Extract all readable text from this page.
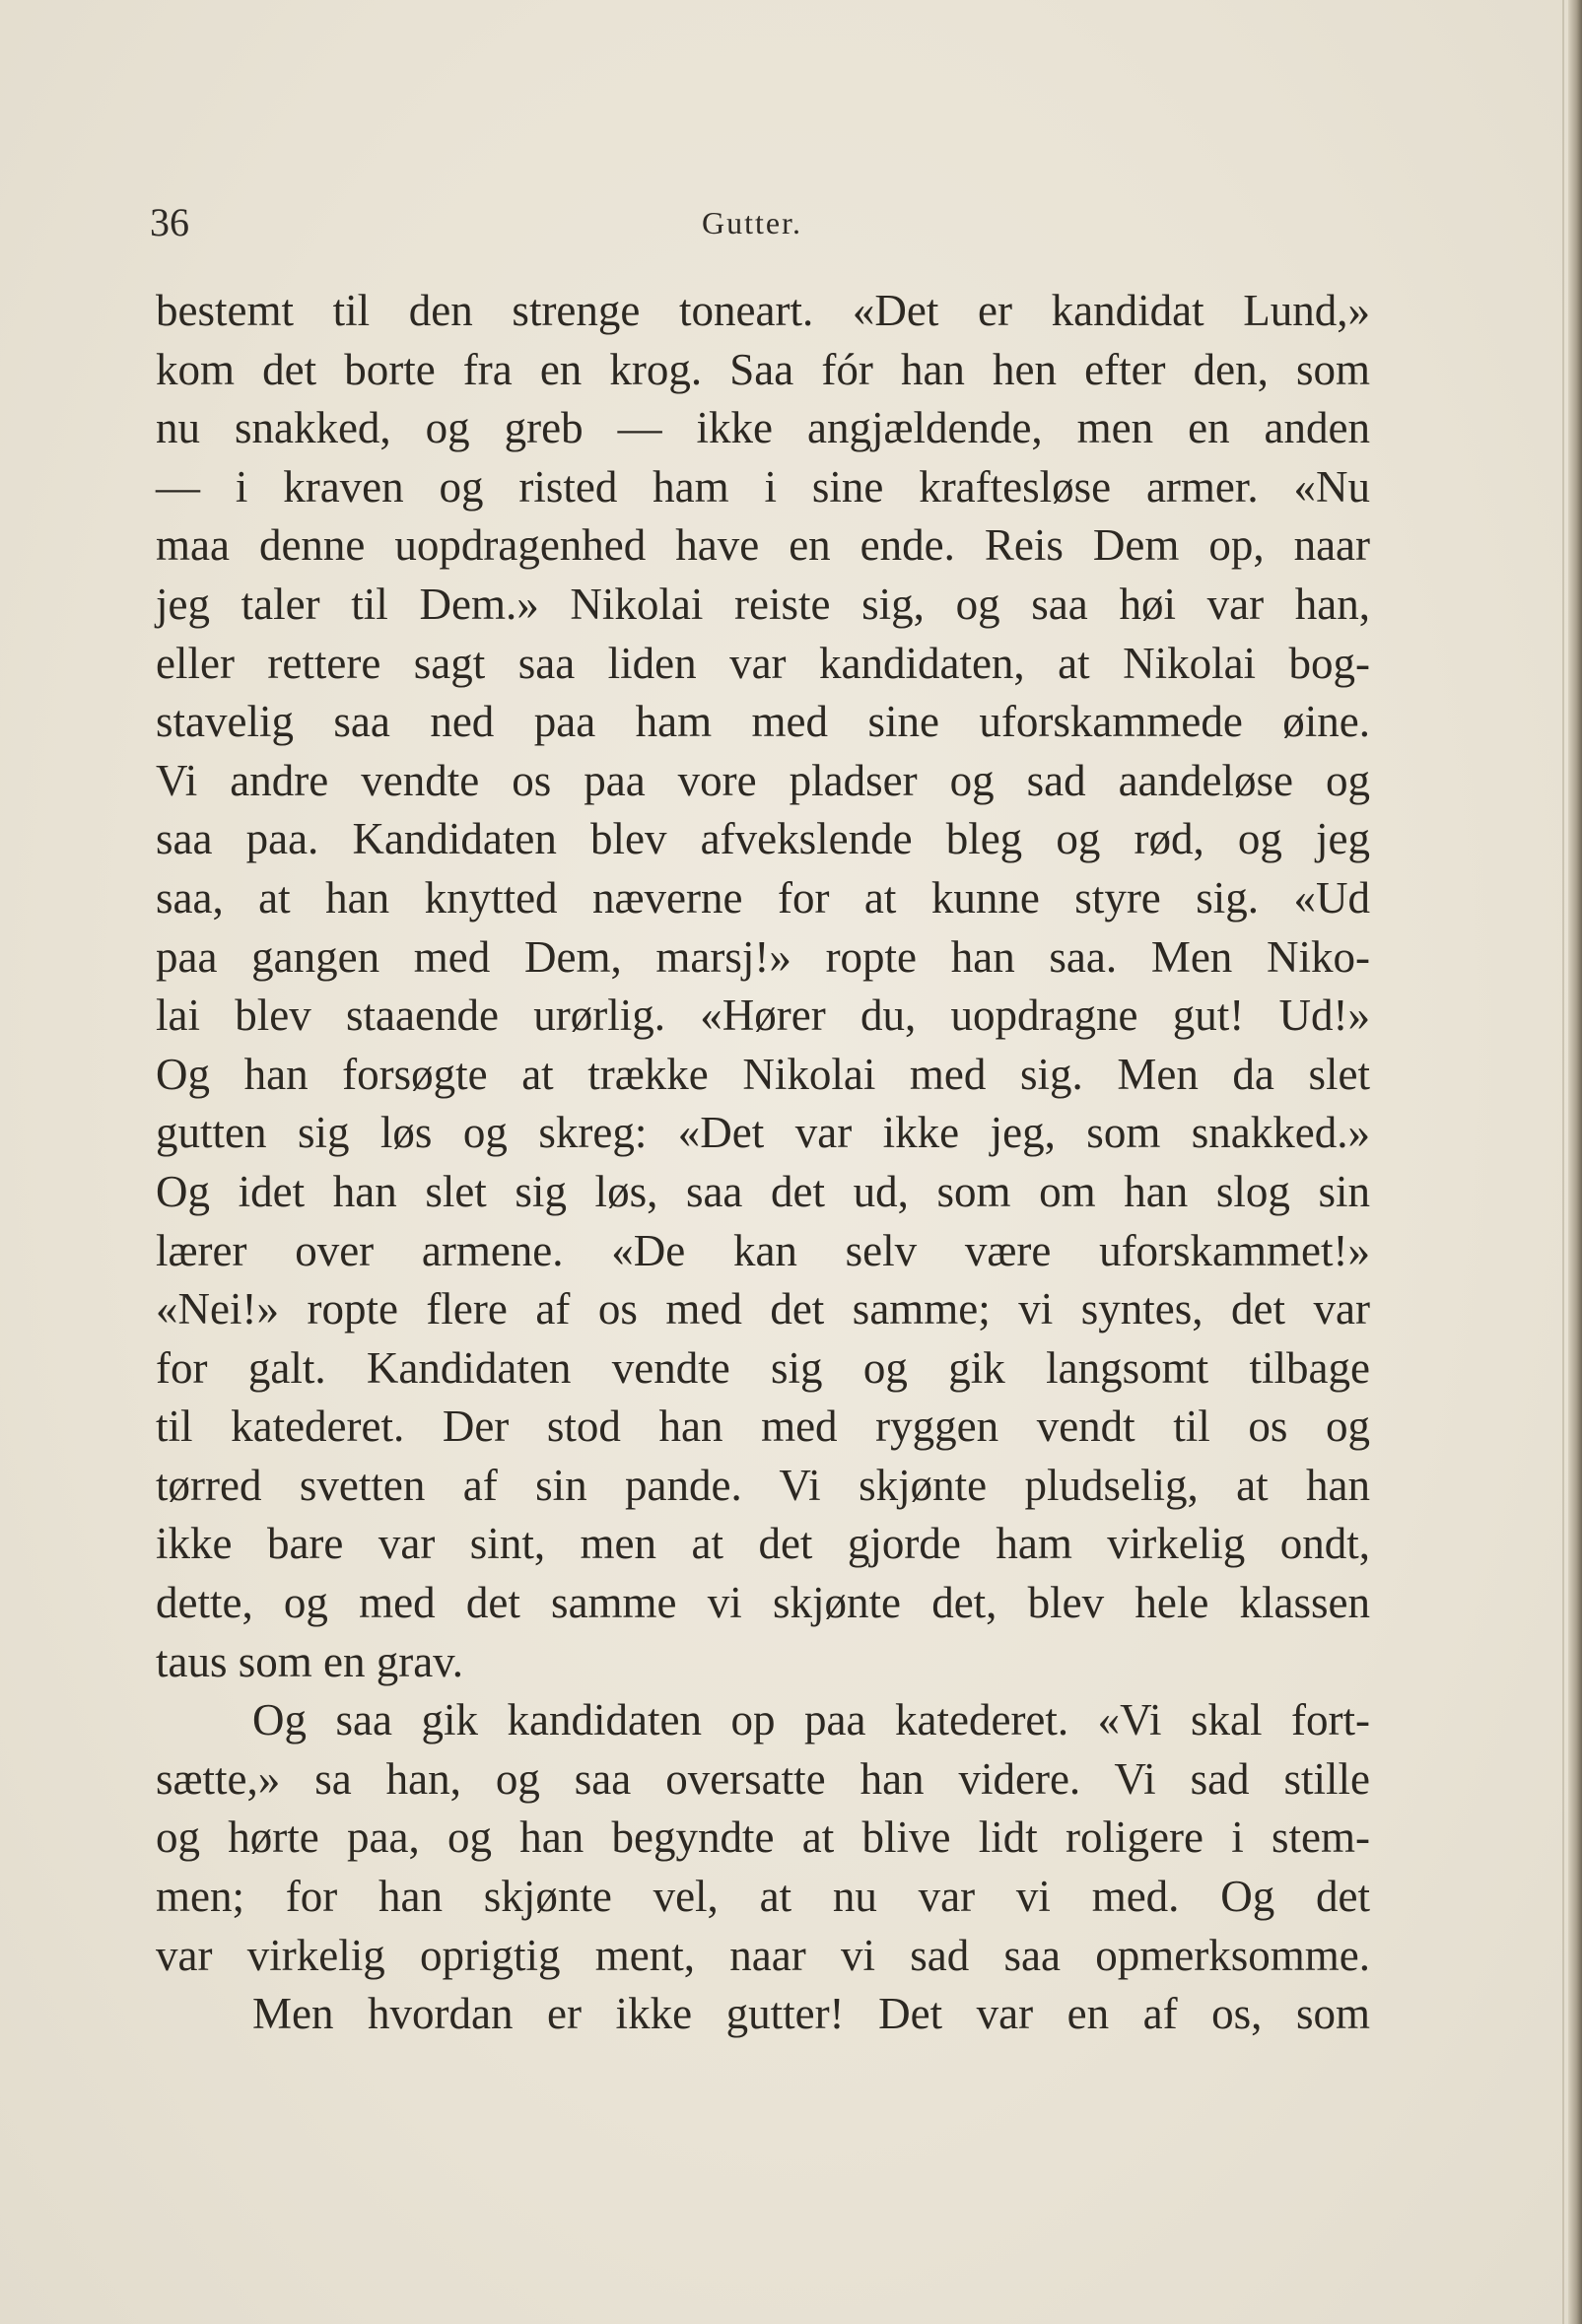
36	Gutter.
bestemt til den strenge toneart. «Det er kandidat Lund,»
kom det borte fra en krog. Saa fór han hen efter den, som
nu snakked, og greb — ikke angjældende, men en anden
— i kraven og risted ham i sine kraftesløse armer. «Nu
maa denne uopdragenhed have en ende. Reis Dem op, naar
jeg taler til Dem.» Nikolai reiste sig, og saa høi var han,
eller rettere sagt saa liden var kandidaten, at Nikolai bog-
stavelig saa ned paa ham med sine uforskammede øine.
Vi andre vendte os paa vore pladser og sad aandeløse og
saa paa. Kandidaten blev afvekslende bleg og rød, og jeg
saa, at han knytted næverne for at kunne styre sig. «Ud
paa gangen med Dem, marsj!» ropte han saa. Men Niko-
lai blev staaende urørlig. «Hører du, uopdragne gut! Ud!»
Og han forsøgte at trække Nikolai med sig. Men da slet
gutten sig løs og skreg: «Det var ikke jeg, som snakked.»
Og idet han slet sig løs, saa det ud, som om han slog sin
lærer over armene. «De kan selv være uforskammet!»
«Nei!» ropte flere af os med det samme; vi syntes, det var
for galt. Kandidaten vendte sig og gik langsomt tilbage
til katederet. Der stod han med ryggen vendt til os og
tørred svetten af sin pande. Vi skjønte pludselig, at han
ikke bare var sint, men at det gjorde ham virkelig ondt,
dette, og med det samme vi skjønte det, blev hele klassen
taus som en grav.
Og saa gik kandidaten op paa katederet. «Vi skal fort-
sætte,» sa han, og saa oversatte han videre. Vi sad stille
og hørte paa, og han begyndte at blive lidt roligere i stem-
men; for han skjønte vel, at nu var vi med. Og det
var virkelig oprigtig ment, naar vi sad saa opmerksomme.
Men hvordan er ikke gutter! Det var en af os, som
